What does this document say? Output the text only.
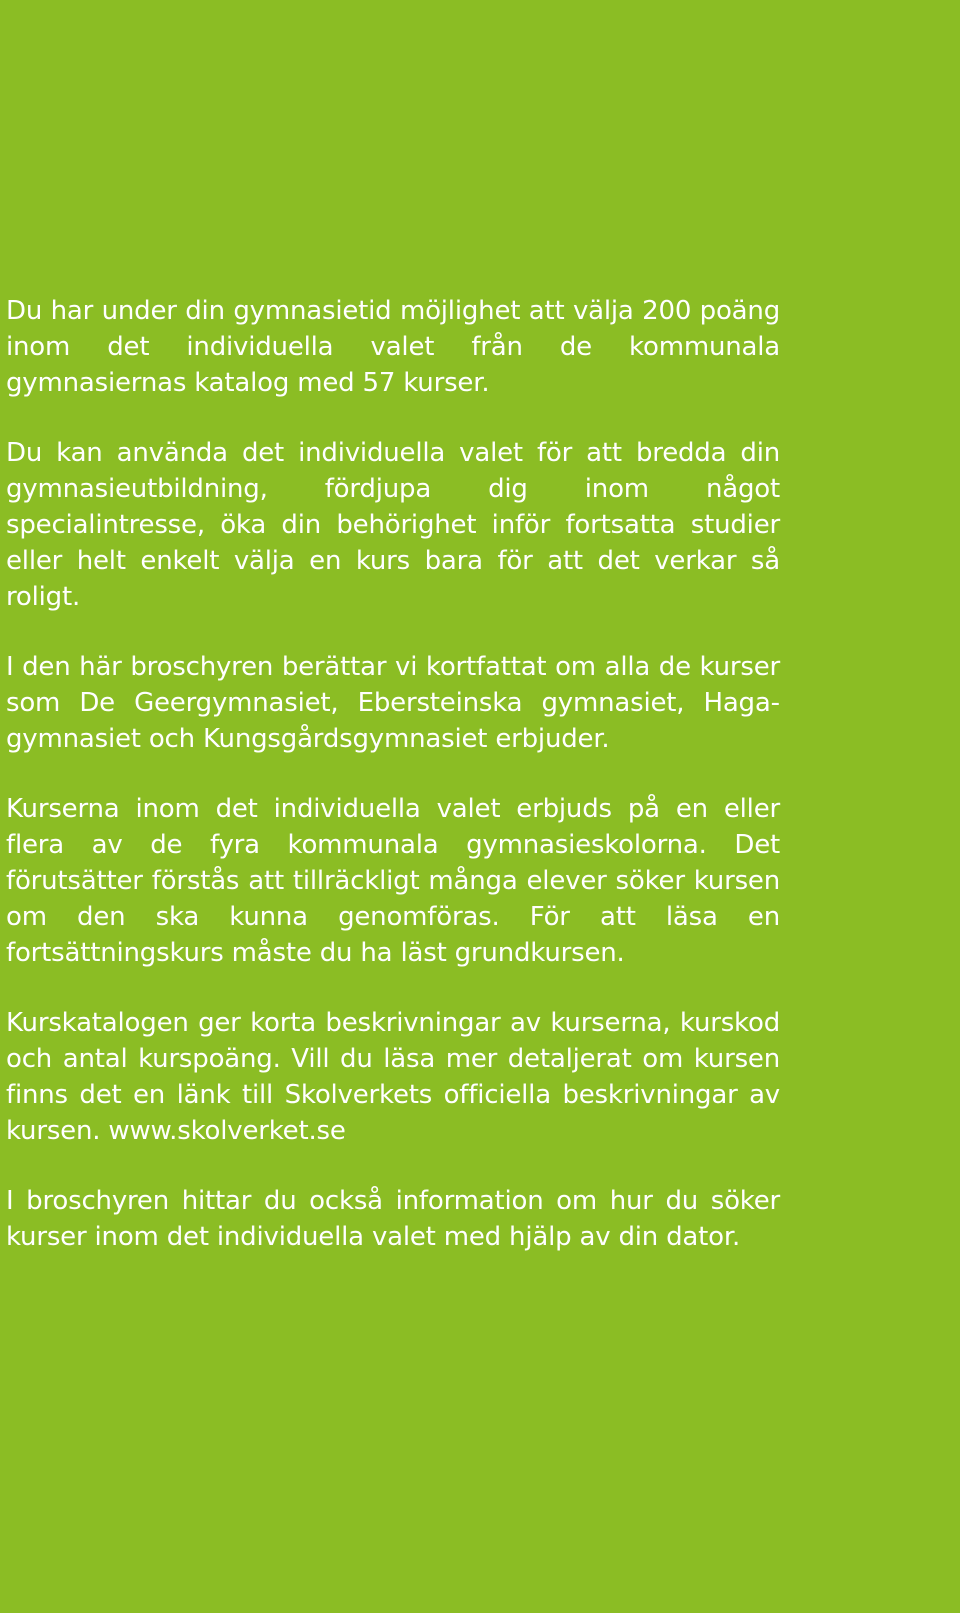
Du har under din gymnasietid möjlighet att välja 200 poäng inom det individuella valet från de kommunala gymnasiernas katalog med 57 kurser.

Du kan använda det individuella valet för att bredda din gymnasieutbildning, fördjupa dig inom något specialintresse, öka din behörighet inför fortsatta studier eller helt enkelt välja en kurs bara för att det verkar så roligt.

I den här broschyren berättar vi kortfattat om alla de kurser som De Geergymnasiet, Ebersteinska gymnasiet, Hagagymnasiet och Kungsgårdsgymnasiet erbjuder.

Kurserna inom det individuella valet erbjuds på en eller flera av de fyra kommunala gymnasieskolorna. Det förutsätter förstås att tillräckligt många elever söker kursen om den ska kunna genomföras. För att läsa en fortsättningskurs måste du ha läst grundkursen.

Kurskatalogen ger korta beskrivningar av kurserna, kurskod och antal kurspoäng. Vill du läsa mer detaljerat om kursen finns det en länk till Skolverkets officiella beskrivningar av kursen. www.skolverket.se

I broschyren hittar du också information om hur du söker kurser inom det individuella valet med hjälp av din dator.
